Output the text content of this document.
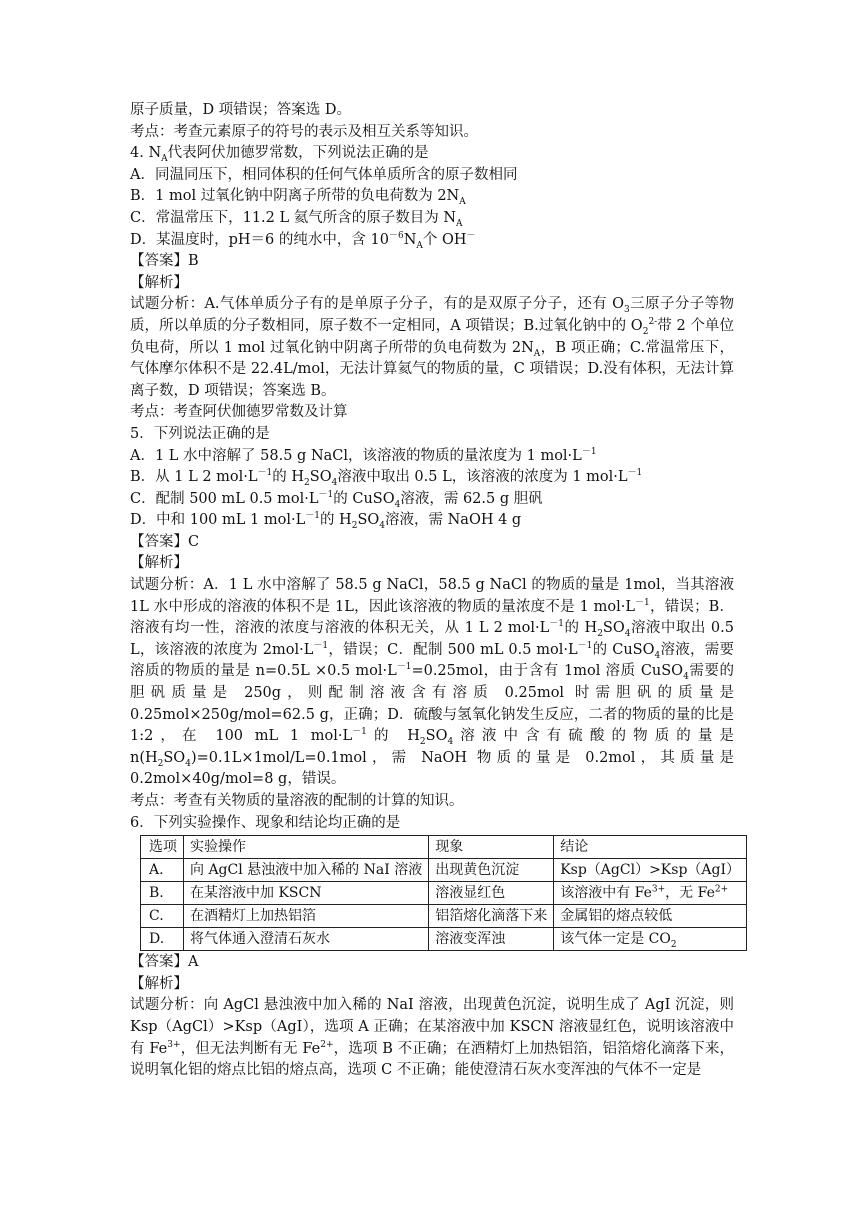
原子质量，D 项错误；答案选 D。
考点：考查元素原子的符号的表示及相互关系等知识。
4. $N_A$代表阿伏加德罗常数，下列说法正确的是
A．同温同压下，相同体积的任何气体单质所含的原子数相同
B．1 mol 过氧化钠中阴离子所带的负电荷数为 $2N_A$
C．常温常压下，11.2 L 氦气所含的原子数目为 $N_A$
D．某温度时，pH＝6 的纯水中，含 $10^{-6}N_A$个 OH－
【答案】B
【解析】
试题分析：A.气体单质分子有的是单原子分子，有的是双原子分子，还有 $O_3$三原子分子等物质，所以单质的分子数相同，原子数不一定相同，A 项错误；B.过氧化钠中的 $O_2^{2-}$带 2 个单位负电荷，所以 1 mol 过氧化钠中阴离子所带的负电荷数为 $2N_A$，B 项正确；C.常温常压下，气体摩尔体积不是 22.4L/mol，无法计算氦气的物质的量，C 项错误；D.没有体积，无法计算离子数，D 项错误；答案选 B。
考点：考查阿伏伽德罗常数及计算
5．下列说法正确的是
A．1 L 水中溶解了 58.5 g NaCl，该溶液的物质的量浓度为 1 $mol\cdot L^{-1}$
B．从 1 L 2 $mol\cdot L^{-1}$的 $H_2SO_4$溶液中取出 0.5 L，该溶液的浓度为 1 $mol\cdot L^{-1}$
C．配制 500 mL 0.5 $mol\cdot L^{-1}$的 CuSO$_4$溶液，需 62.5 g 胆矾
D．中和 100 mL 1 $mol\cdot L^{-1}$的 $H_2SO_4$溶液，需 NaOH 4 g
【答案】C
【解析】
试题分析：A．1 L 水中溶解了 58.5 g NaCl，58.5 g NaCl 的物质的量是 1mol，当其溶液 1L 水中形成的溶液的体积不是 1L，因此该溶液的物质的量浓度不是 1 $mol\cdot L^{-1}$，错误；B．溶液有均一性，溶液的浓度与溶液的体积无关，从 1 L 2 $mol\cdot L^{-1}$的 $H_2SO_4$溶液中取出 0.5 L，该溶液的浓度为 $2mol\cdot L^{-1}$，错误；C．配制 500 mL 0.5 $mol\cdot L^{-1}$的 CuSO$_4$溶液，需要溶质的物质的量是 n=0.5L ×0.5 $mol\cdot L^{-1}=0.25mol$，由于含有 1mol 溶质 CuSO$_4$需要的胆矾质量是 250g，则配制溶液含有溶质 0.25mol 时需胆矾的质量是 0.25mol×250g/mol=62.5 g，正确；D．硫酸与氢氧化钠发生反应，二者的物质的量的比是 1:2，在 100 mL 1 $mol\cdot L^{-1}$的 $H_2SO_4$溶液中含有硫酸的物质的量是 $n(H_2SO_4)=0.1L\times 1mol/L=0.1mol$，需 NaOH 物质的量是 0.2mol，其质量是 0.2mol×40g/mol=8 g，错误。
考点：考查有关物质的量溶液的配制的计算的知识。
6．下列实验操作、现象和结论均正确的是
选项	实验操作	现象	结论
A.	向 AgCl 悬浊液中加入稀的 NaI 溶液	出现黄色沉淀	Ksp（AgCl）>Ksp（AgI）
B.	在某溶液中加 KSCN	溶液显红色	该溶液中有 $Fe^{3+}$，无 $Fe^{2+}$
C.	在酒精灯上加热铝箔	铝箔熔化滴落下来	金属铝的熔点较低
D.	将气体通入澄清石灰水	溶液变浑浊	该气体一定是 $CO_2$
【答案】A
【解析】
试题分析：向 AgCl 悬浊液中加入稀的 NaI 溶液，出现黄色沉淀，说明生成了 AgI 沉淀，则 Ksp（AgCl）>Ksp（AgI），选项 A 正确；在某溶液中加 KSCN 溶液显红色，说明该溶液中有 $Fe^{3+}$，但无法判断有无 $Fe^{2+}$，选项 B 不正确；在酒精灯上加热铝箔，铝箔熔化滴落下来，说明氧化铝的熔点比铝的熔点高，选项 C 不正确；能使澄清石灰水变浑浊的气体不一定是
